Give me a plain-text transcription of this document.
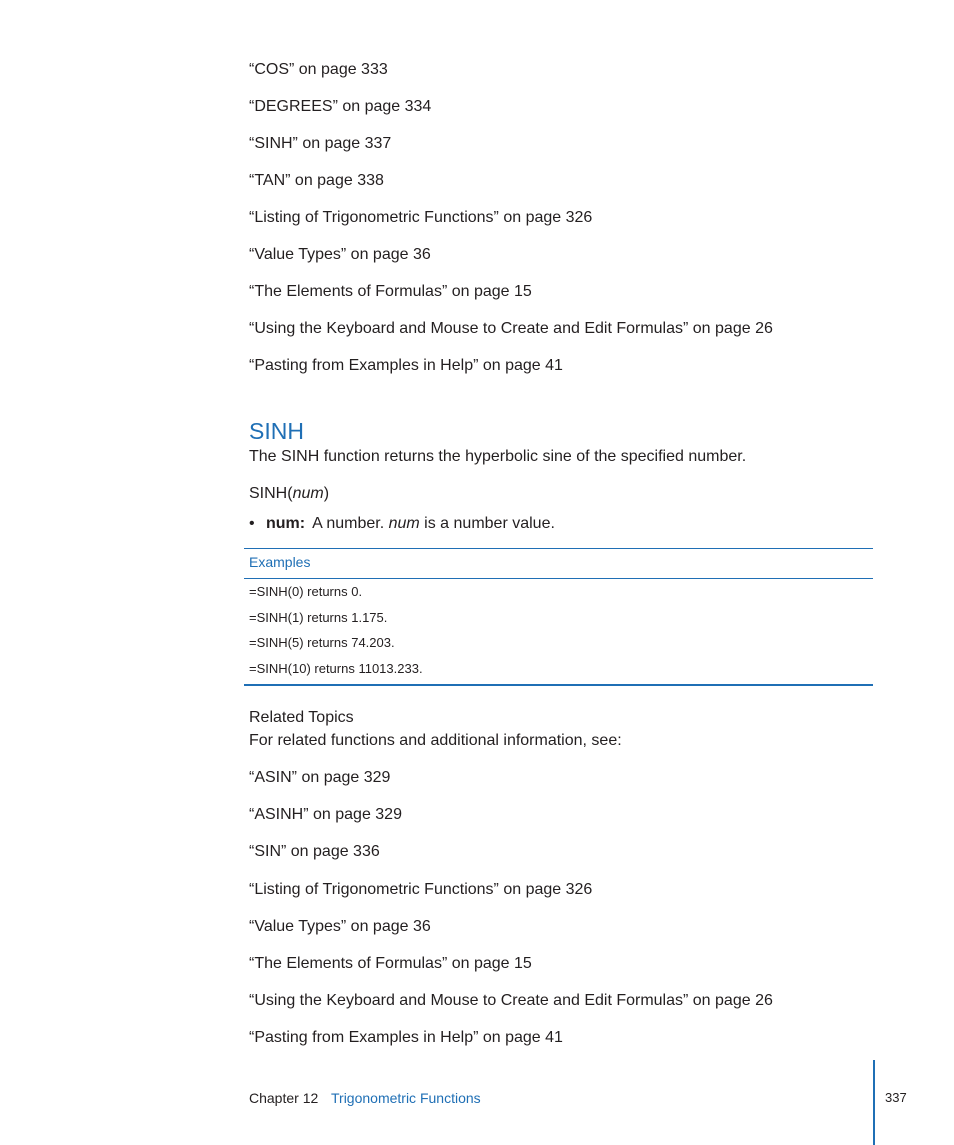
“COS” on page 333
“DEGREES” on page 334
“SINH” on page 337
“TAN” on page 338
“Listing of Trigonometric Functions” on page 326
“Value Types” on page 36
“The Elements of Formulas” on page 15
“Using the Keyboard and Mouse to Create and Edit Formulas” on page 26
“Pasting from Examples in Help” on page 41
SINH
The SINH function returns the hyperbolic sine of the specified number.
SINH(num)
• num: A number. num is a number value.
Examples
=SINH(0) returns 0.
=SINH(1) returns 1.175.
=SINH(5) returns 74.203.
=SINH(10) returns 11013.233.
Related Topics
For related functions and additional information, see:
“ASIN” on page 329
“ASINH” on page 329
“SIN” on page 336
“Listing of Trigonometric Functions” on page 326
“Value Types” on page 36
“The Elements of Formulas” on page 15
“Using the Keyboard and Mouse to Create and Edit Formulas” on page 26
“Pasting from Examples in Help” on page 41
Chapter 12 Trigonometric Functions	337
